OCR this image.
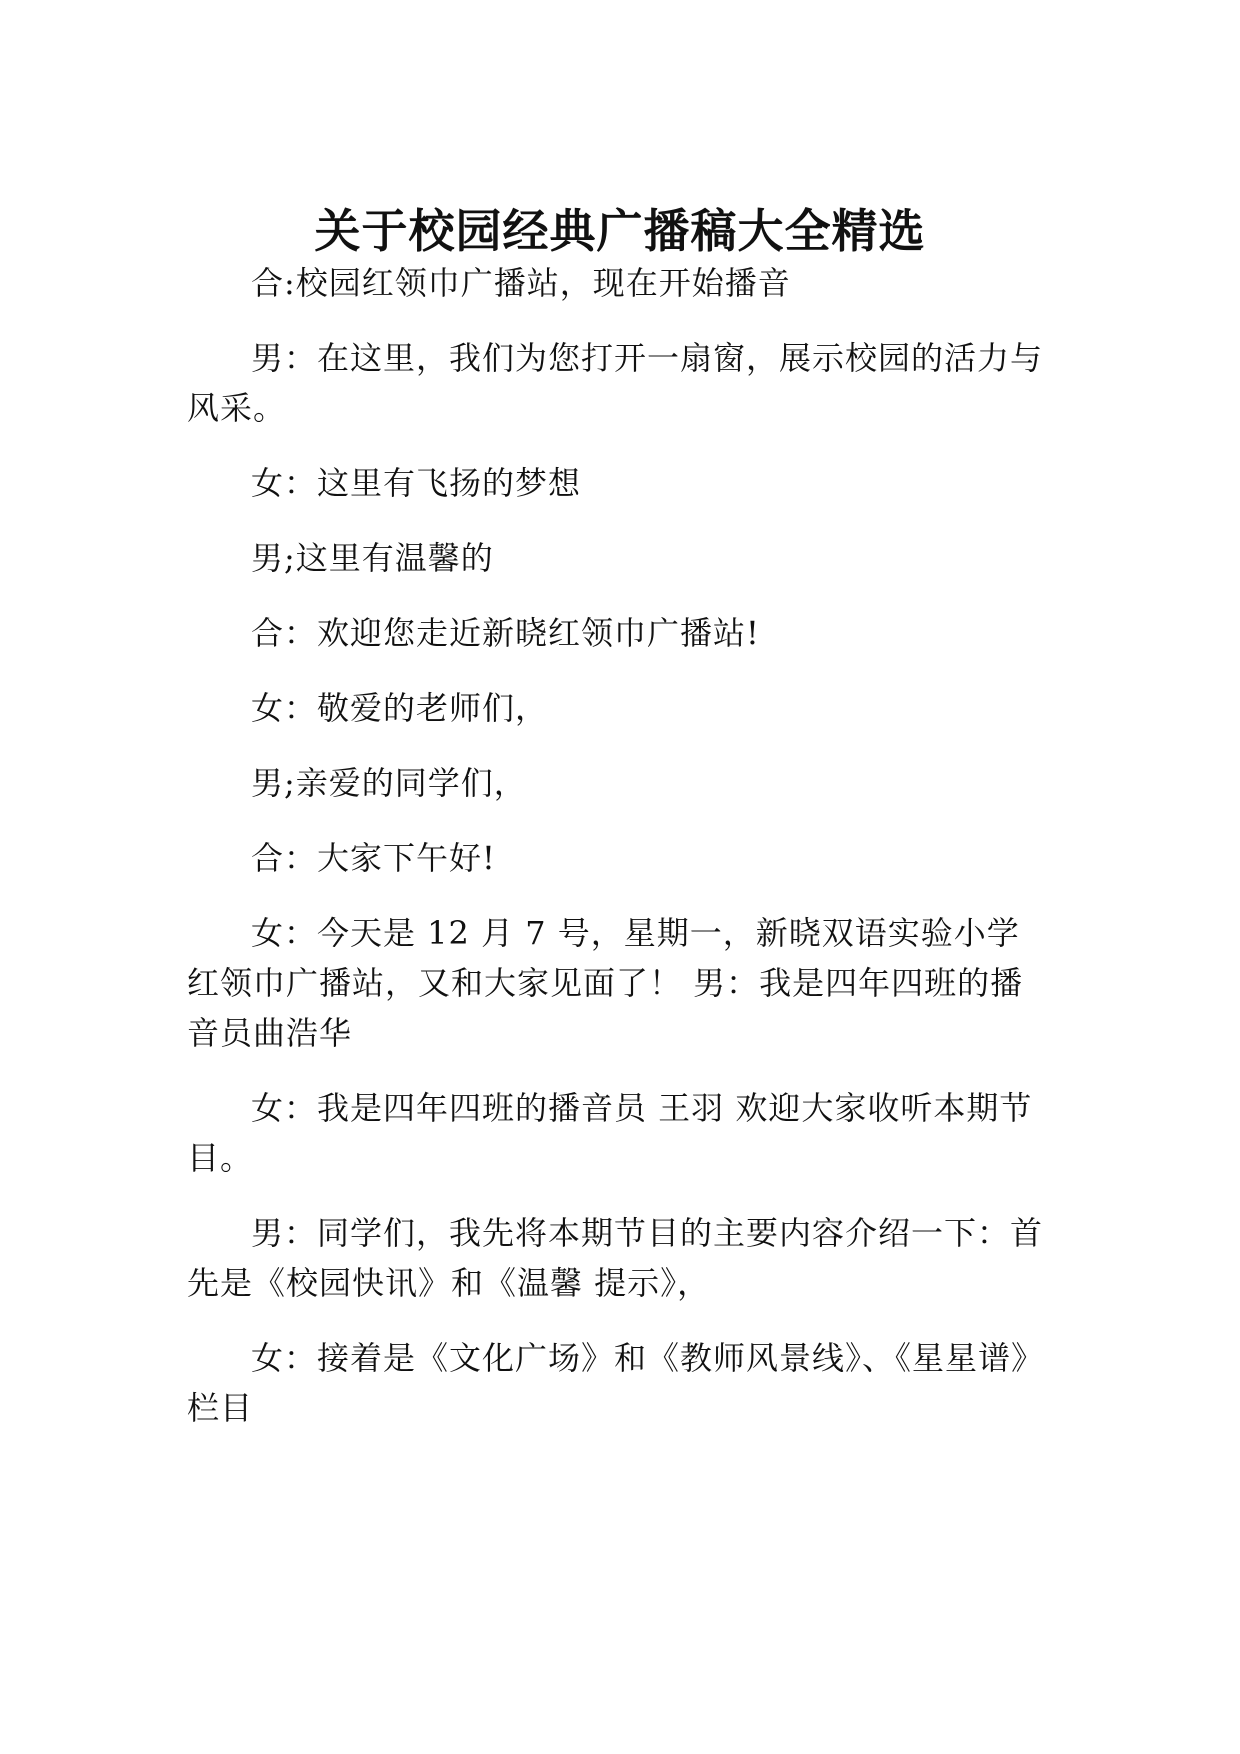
关于校园经典广播稿大全精选

合:校园红领巾广播站，现在开始播音

男：在这里，我们为您打开一扇窗，展示校园的活力与风采。

女：这里有飞扬的梦想

男;这里有温馨的

合：欢迎您走近新晓红领巾广播站!

女：敬爱的老师们，

男;亲爱的同学们，

合：大家下午好!

女：今天是 12 月 7 号，星期一，新晓双语实验小学红领巾广播站，又和大家见面了！ 男：我是四年四班的播音员曲浩华

女：我是四年四班的播音员 王羽 欢迎大家收听本期节目。

男：同学们，我先将本期节目的主要内容介绍一下：首先是《校园快讯》和《温馨 提示》，

女：接着是《文化广场》和《教师风景线》、《星星谱》栏目
